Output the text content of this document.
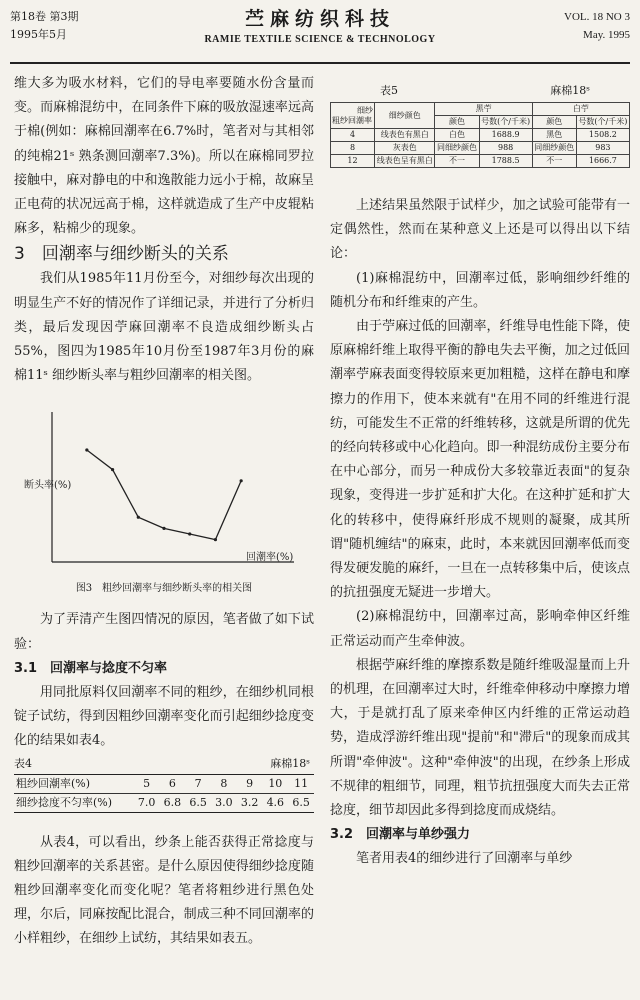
第18卷 第3期
1995年5月
苎麻纺织科技
RAMIE TEXTILE SCIENCE & TECHNOLOGY
VOL. 18 NO 3
May. 1995
维大多为吸水材料，它们的导电率要随水份含量而变。而麻棉混纺中，在同条件下麻的吸放湿速率远高于棉(例如：麻棉回潮率在6.7%时，笔者对与其相邻的纯棉21ˢ 熟条测回潮率7.3%)。所以在麻棉同罗拉接触中，麻对静电的中和逸散能力远小于棉，故麻呈正电荷的状况远高于棉，这样就造成了生产中皮辊粘麻多，粘棉少的现象。
3　回潮率与细纱断头的关系
我们从1985年11月份至今，对细纱每次出现的明显生产不好的情况作了详细记录，并进行了分析归类，最后发现因苧麻回潮率不良造成细纱断头占55%，图四为1985年10月份至1987年3月份的麻棉11ˢ 细纱断头率与粗纱回潮率的相关图。
断头率(%)
回潮率(%)
图3　粗纱回潮率与细纱断头率的相关图
为了弄清产生图四情况的原因，笔者做了如下试验：
3.1　回潮率与捻度不匀率
用同批原料仅回潮率不同的粗纱，在细纱机同根锭子试纺，得到因粗纱回潮率变化而引起细纱捻度变化的结果如表4。
表4	麻棉18ˢ
粗纱回潮率(%)	5	6	7	8	9	10	11
细纱捻度不匀率(%)	7.0	6.8	6.5	3.0	3.2	4.6	6.5
从表4，可以看出，纱条上能否获得正常捻度与粗纱回潮率的关系甚密。是什么原因使得细纱捻度随粗纱回潮率变化而变化呢？笔者将粗纱进行黑色处理，尔后，同麻按配比混合，制成三种不同回潮率的小样粗纱，在细纱上试纺，其结果如表五。
表5	麻棉18ˢ
细纱
粗纱回潮率	细纱颜色	黑苧		白苧	
		颜色	号数(个/千米)	颜色	号数(个/千米)
4	线表色有黑白	白色	1688.9	黑色	1508.2
8	灰表色	同细纱颜色	988	同细纱颜色	983
12	线表色呈有黑白	不一	1788.5	不一	1666.7
上述结果虽然限于试样少，加之试验可能带有一定偶然性，然而在某种意义上还是可以得出以下结论：
(1)麻棉混纺中，回潮率过低，影响细纱纤维的随机分布和纤维束的产生。
由于苧麻过低的回潮率，纤维导电性能下降，使原麻棉纤维上取得平衡的静电失去平衡，加之过低回潮率苧麻表面变得较原来更加粗糙，这样在静电和摩擦力的作用下，使本来就有"在用不同的纤维进行混纺，可能发生不正常的纤维转移，这就是所谓的优先的经向转移或中心化趋向。即一种混纺成份主要分布在中心部分，而另一种成份大多较靠近表面"的复杂现象，变得进一步扩延和扩大化。在这种扩延和扩大化的转移中，使得麻纤形成不规则的凝聚，成其所谓"随机缠结"的麻束，此时，本来就因回潮率低而变得发硬发脆的麻纤，一旦在一点转移集中后，使该点的抗扭强度无疑进一步增大。
(2)麻棉混纺中，回潮率过高，影响牵伸区纤维正常运动而产生牵伸波。
根据苧麻纤维的摩擦系数是随纤维吸湿量而上升的机理，在回潮率过大时，纤维牵伸移动中摩擦力增大，于是就打乱了原来牵伸区内纤维的正常运动趋势，造成浮游纤维出现"提前"和"滞后"的现象而成其所谓"牵伸波"。这种"牵伸波"的出现，在纱条上形成不规律的粗细节，同理，粗节抗扭强度大而失去正常捻度，细节却因此多得到捻度而成烧结。
3.2　回潮率与单纱强力
笔者用表4的细纱进行了回潮率与单纱
